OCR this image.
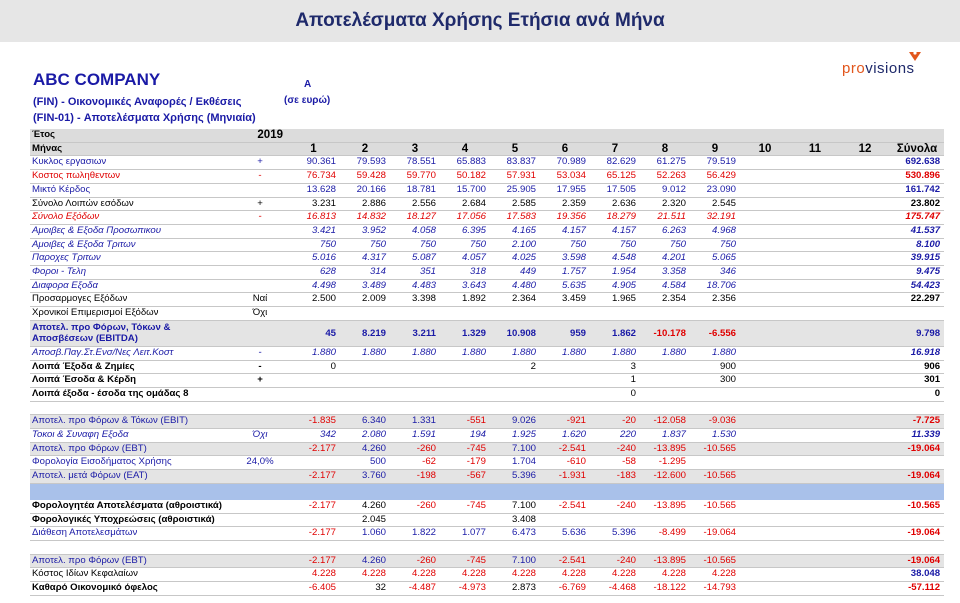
Αποτελέσματα Χρήσης Ετήσια ανά Μήνα
ABC COMPANY	A
(σε ευρώ)
(FIN) - Οικονομικές Αναφορές / Εκθέσεις
(FIN-01) - Αποτελέσματα Χρήσης (Μηνιαία)
provisions
Έτος	2019													
Μήνας		1	2	3	4	5	6	7	8	9	10	11	12	Σύνολα
Κυκλος εργασιων	+	90.361	79.593	78.551	65.883	83.837	70.989	82.629	61.275	79.519				692.638
Κοστος πωληθεντων	-	76.734	59.428	59.770	50.182	57.931	53.034	65.125	52.263	56.429				530.896
Μικτό Κέρδος		13.628	20.166	18.781	15.700	25.905	17.955	17.505	9.012	23.090				161.742
Σύνολο Λοιπών εσόδων	+	3.231	2.886	2.556	2.684	2.585	2.359	2.636	2.320	2.545				23.802
Σύνολο Εξόδων	-	16.813	14.832	18.127	17.056	17.583	19.356	18.279	21.511	32.191				175.747
Αμοιβες & Εξοδα Προσωπικου		3.421	3.952	4.058	6.395	4.165	4.157	4.157	6.263	4.968				41.537
Αμοιβες & Εξοδα Τριτων		750	750	750	750	2.100	750	750	750	750				8.100
Παροχες Τριτων		5.016	4.317	5.087	4.057	4.025	3.598	4.548	4.201	5.065				39.915
Φοροι - Τελη		628	314	351	318	449	1.757	1.954	3.358	346				9.475
Διαφορα Εξοδα		4.498	3.489	4.483	3.643	4.480	5.635	4.905	4.584	18.706				54.423
Προσαρμογες Εξόδων	Ναί	2.500	2.009	3.398	1.892	2.364	3.459	1.965	2.354	2.356				22.297
Χρονικοί Επιμερισμοί Εξόδων	Όχι													
Αποτελ. προ Φόρων, Τόκων & Αποσβέσεων (EBITDA)		45	8.219	3.211	1.329	10.908	959	1.862	-10.178	-6.556				9.798
Αποσβ.Παγ.Στ.Ενσ/Νες Λειτ.Κοστ	-	1.880	1.880	1.880	1.880	1.880	1.880	1.880	1.880	1.880				16.918
Λοιπά Έξοδα & Ζημίες	-	0				2		3		900				906
Λοιπά Έσοδα & Κέρδη	+							1		300				301
Λοιπά έξοδα - έσοδα της ομάδας 8								0						0

Αποτελ. προ Φόρων & Τόκων (EBIT)		-1.835	6.340	1.331	-551	9.026	-921	-20	-12.058	-9.036				-7.725
Τοκοι & Συναφη Εξοδα	Όχι	342	2.080	1.591	194	1.925	1.620	220	1.837	1.530				11.339
Αποτελ. προ Φόρων (EBT)		-2.177	4.260	-260	-745	7.100	-2.541	-240	-13.895	-10.565				-19.064
Φορολογία Εισοδήματος Χρήσης	24,0%		500	-62	-179	1.704	-610	-58	-1.295					
Αποτελ. μετά Φόρων (EAT)		-2.177	3.760	-198	-567	5.396	-1.931	-183	-12.600	-10.565				-19.064

Φορολογητέα Αποτελέσματα (αθροιστικά)		-2.177	4.260	-260	-745	7.100	-2.541	-240	-13.895	-10.565				-10.565
Φορολογικές Υποχρεώσεις (αθροιστικά)			2.045			3.408								
Διάθεση Αποτελεσμάτων		-2.177	1.060	1.822	1.077	6.473	5.636	5.396	-8.499	-19.064				-19.064

Αποτελ. προ Φόρων (EBT)		-2.177	4.260	-260	-745	7.100	-2.541	-240	-13.895	-10.565				-19.064
Κόστος Ιδίων Κεφαλαίων		4.228	4.228	4.228	4.228	4.228	4.228	4.228	4.228	4.228				38.048
Καθαρό Οικονομικό όφελος		-6.405	32	-4.487	-4.973	2.873	-6.769	-4.468	-18.122	-14.793				-57.112
